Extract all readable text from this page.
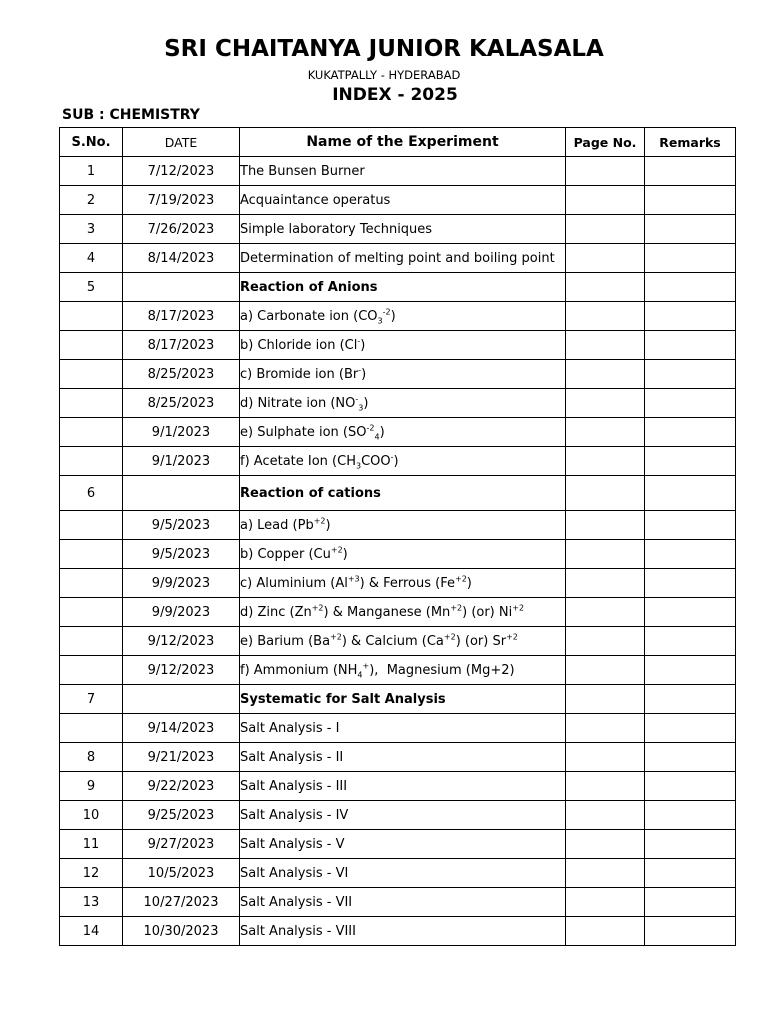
SRI CHAITANYA JUNIOR KALASALA
KUKATPALLY - HYDERABAD
INDEX - 2025
SUB : CHEMISTRY
S.No.	DATE	Name of the Experiment	Page No.	Remarks
1	7/12/2023	The Bunsen Burner		
2	7/19/2023	Acquaintance operatus		
3	7/26/2023	Simple laboratory Techniques		
4	8/14/2023	Determination of melting point and boiling point		
5		Reaction of Anions		
	8/17/2023	a) Carbonate ion $(CO_3^{-2})$		
	8/17/2023	b) Chloride ion (Cl-)		
	8/25/2023	c) Bromide ion (Br-)		
	8/25/2023	d) Nitrate ion $(NO^-_3)$		
	9/1/2023	e) Sulphate ion $(SO^{-2}_4)$		
	9/1/2023	f) Acetate Ion $(CH_3COO^-)$		
6		Reaction of cations		
	9/5/2023	a) Lead $(Pb^{+2})$		
	9/5/2023	b) Copper $(Cu^{+2})$		
	9/9/2023	c) Aluminium $(Al^{+3})$ & Ferrous $(Fe^{+2})$		
	9/9/2023	d) Zinc $(Zn^{+2})$ & Manganese $(Mn^{+2})$ (or) $Ni^{+2}$		
	9/12/2023	e) Barium $(Ba^{+2})$ & Calcium $(Ca^{+2})$ (or) $Sr^{+2}$		
	9/12/2023	f) Ammonium $(NH_4^+)$,  Magnesium (Mg+2)		
7		Systematic for Salt Analysis		
	9/14/2023	Salt Analysis - I		
8	9/21/2023	Salt Analysis - II		
9	9/22/2023	Salt Analysis - III		
10	9/25/2023	Salt Analysis - IV		
11	9/27/2023	Salt Analysis - V		
12	10/5/2023	Salt Analysis - VI		
13	10/27/2023	Salt Analysis - VII		
14	10/30/2023	Salt Analysis - VIII		
